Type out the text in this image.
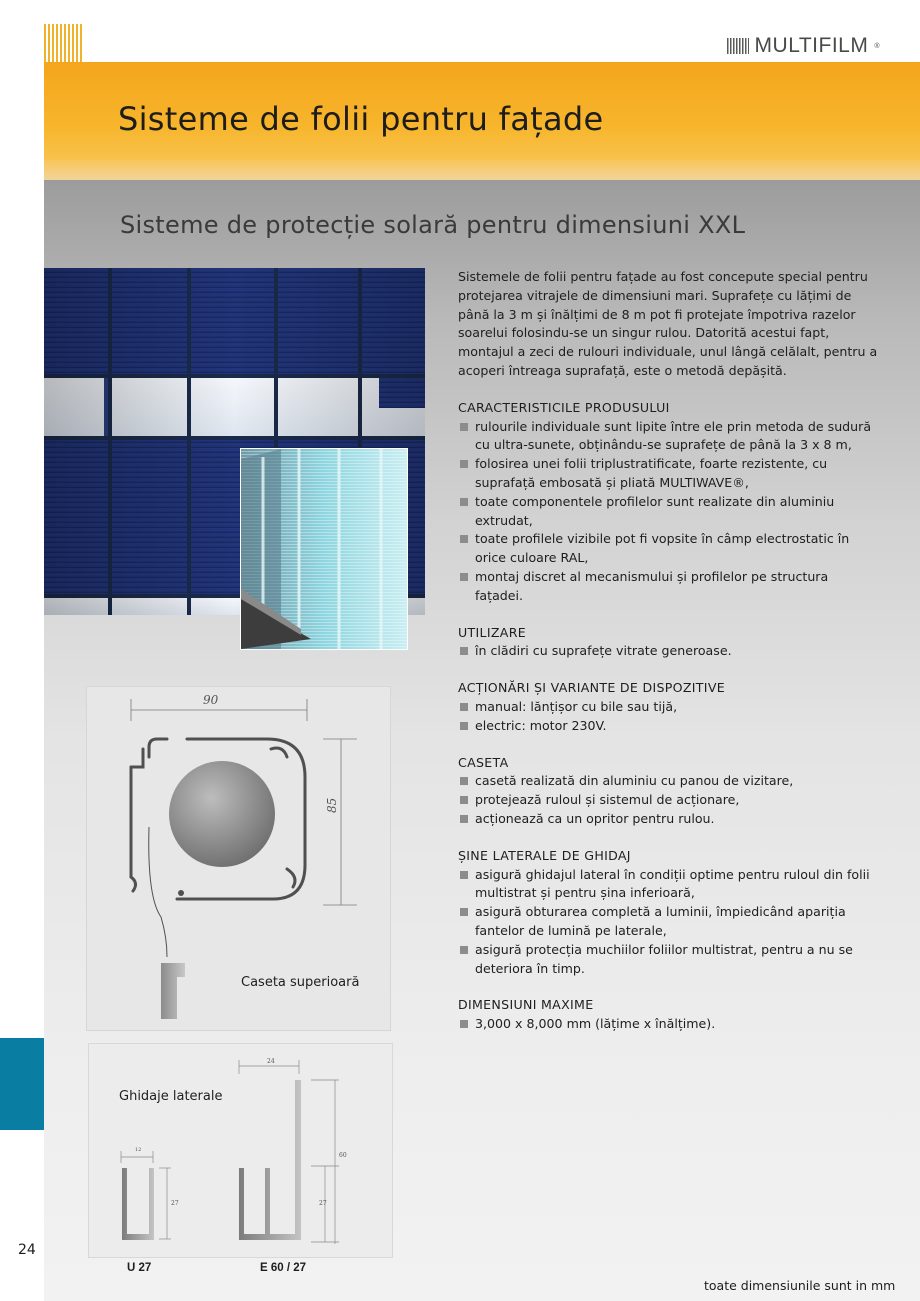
MULTIFILM ®
Sisteme de folii pentru fațade
Sisteme de protecție solară pentru dimensiuni XXL

Sistemele de folii pentru fațade au fost concepute special pentru protejarea vitrajele de dimensiuni mari. Suprafețe cu lățimi de până la 3 m și înălțimi de 8 m pot fi protejate împotriva razelor soarelui folosindu-se un singur rulou. Datorită acestui fapt, montajul a zeci de rulouri individuale, unul lângă celălalt, pentru a acoperi întreaga suprafață, este o metodă depășită.

CARACTERISTICILE PRODUSULUI
rulourile individuale sunt lipite între ele prin metoda de sudură cu ultra-sunete, obținându-se suprafețe de până la 3 x 8 m,
folosirea unei folii triplustratificate, foarte rezistente, cu suprafață embosată și pliată MULTIWAVE®,
toate componentele profilelor sunt realizate din aluminiu extrudat,
toate profilele vizibile pot fi vopsite în câmp electrostatic în orice culoare RAL,
montaj discret al mecanismului și profilelor pe structura fațadei.
UTILIZARE
în clădiri cu suprafețe vitrate generoase.
ACȚIONĂRI ȘI VARIANTE DE DISPOZITIVE
manual: lănțișor cu bile sau tijă,
electric: motor 230V.
CASETA
casetă realizată din aluminiu cu panou de vizitare,
protejează ruloul și sistemul de acționare,
acționează ca un opritor pentru rulou.
ȘINE LATERALE DE GHIDAJ
asigură ghidajul lateral în condiții optime pentru ruloul din folii multistrat și pentru șina inferioară,
asigură obturarea completă a luminii, împiedicând apariția fantelor de lumină pe laterale,
asigură protecția muchiilor foliilor multistrat, pentru a nu se deteriora în timp.
DIMENSIUNI MAXIME
3,000 x 8,000 mm (lățime x înălțime).
90
85
Caseta superioară
12
27
24
60
27
Ghidaje laterale
U 27	E 60 / 27
24
toate dimensiunile sunt in mm
